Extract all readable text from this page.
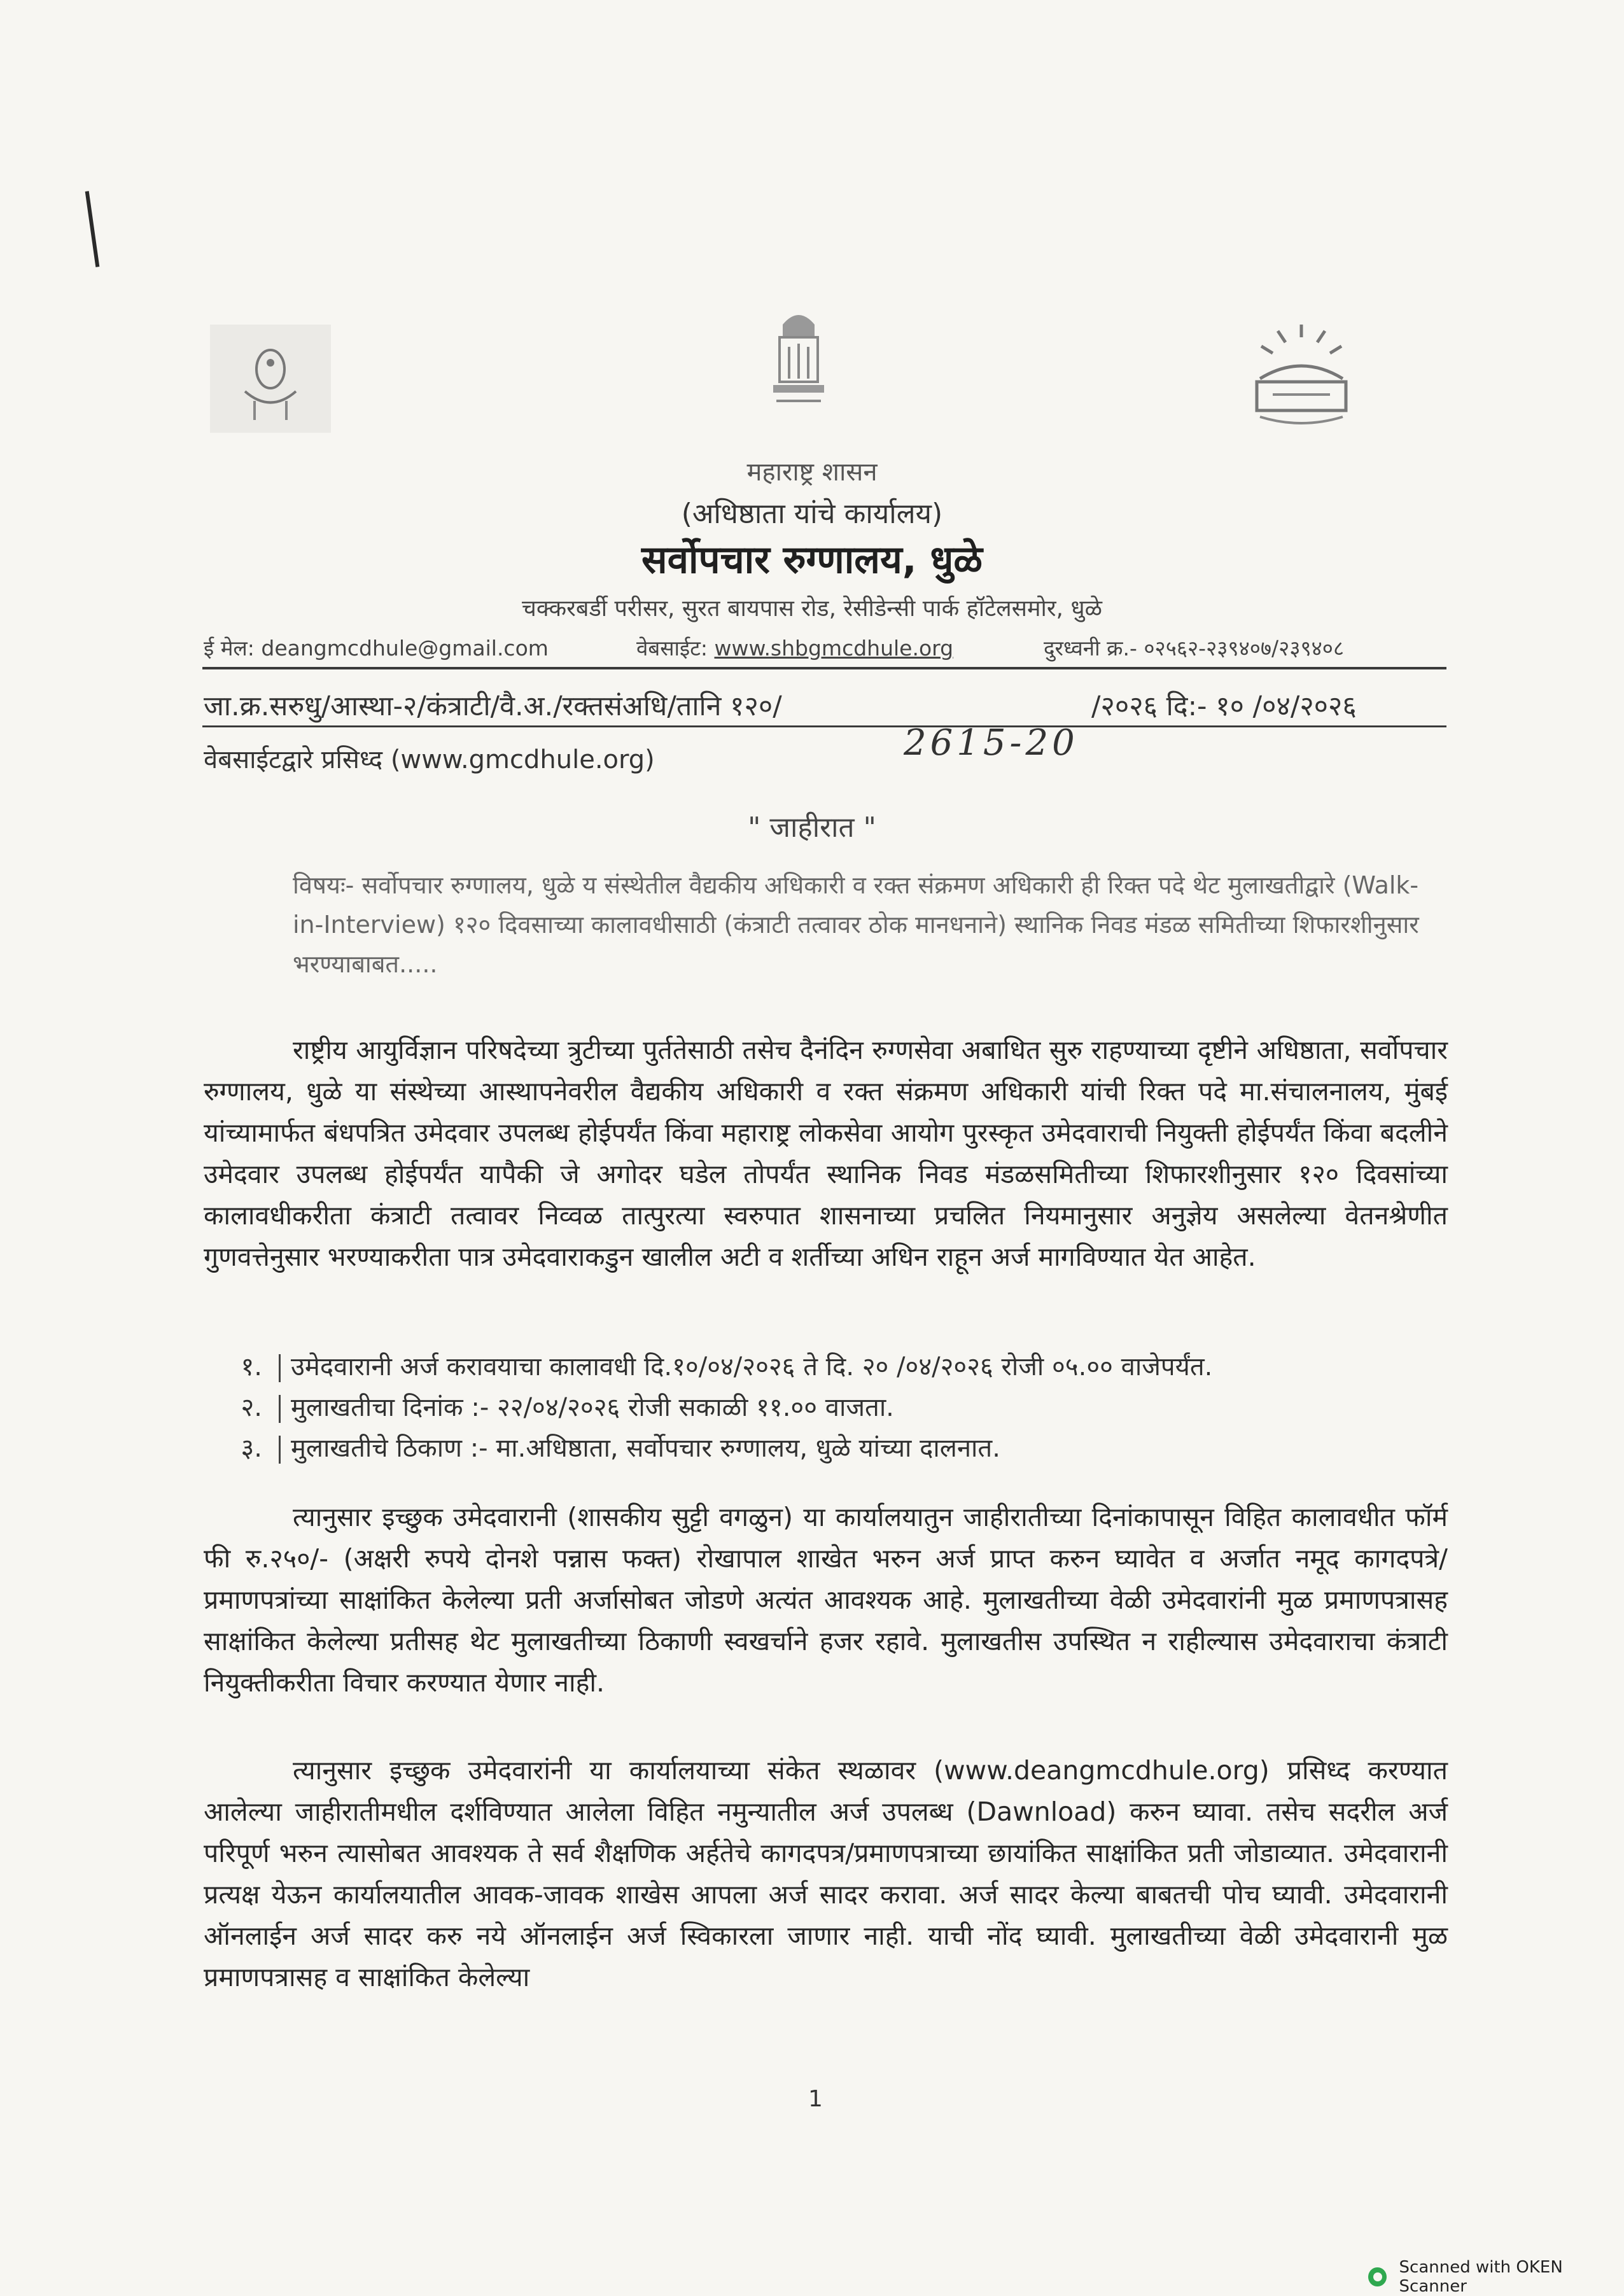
महाराष्ट्र शासन
(अधिष्ठाता यांचे कार्यालय)
सर्वोपचार रुग्णालय, धुळे
चक्करबर्डी परीसर, सुरत बायपास रोड, रेसीडेन्सी पार्क हॉटेलसमोर, धुळे
ई मेल: deangmcdhule@gmail.com	वेबसाईट: www.shbgmcdhule.org	दुरध्वनी क्र.- ०२५६२-२३९४०७/२३९४०८
जा.क्र.सरुधु/आस्था-२/कंत्राटी/वै.अ./रक्तसंअधि/तानि १२०/	/२०२६ दि:- १० /०४/२०२६
2615-20
वेबसाईटद्वारे प्रसिध्द (www.gmcdhule.org)
" जाहीरात "
विषयः- सर्वोपचार रुग्णालय, धुळे य संस्थेतील वैद्यकीय अधिकारी व रक्त संक्रमण अधिकारी ही रिक्त पदे थेट मुलाखतीद्वारे (Walk-in-Interview) १२० दिवसाच्या कालावधीसाठी (कंत्राटी तत्वावर ठोक मानधनाने) स्थानिक निवड मंडळ समितीच्या शिफारशीनुसार भरण्याबाबत.....
राष्ट्रीय आयुर्विज्ञान परिषदेच्या त्रुटीच्या पुर्ततेसाठी तसेच दैनंदिन रुग्णसेवा अबाधित सुरु राहण्याच्या दृष्टीने अधिष्ठाता, सर्वोपचार रुग्णालय, धुळे या संस्थेच्या आस्थापनेवरील वैद्यकीय अधिकारी व रक्त संक्रमण अधिकारी यांची रिक्त पदे मा.संचालनालय, मुंबई यांच्यामार्फत बंधपत्रित उमेदवार उपलब्ध होईपर्यंत किंवा महाराष्ट्र लोकसेवा आयोग पुरस्कृत उमेदवाराची नियुक्ती होईपर्यंत किंवा बदलीने उमेदवार उपलब्ध होईपर्यंत यापैकी जे अगोदर घडेल तोपर्यंत स्थानिक निवड मंडळसमितीच्या शिफारशीनुसार १२० दिवसांच्या कालावधीकरीता कंत्राटी तत्वावर निव्वळ तात्पुरत्या स्वरुपात शासनाच्या प्रचलित नियमानुसार अनुज्ञेय असलेल्या वेतनश्रेणीत गुणवत्तेनुसार भरण्याकरीता पात्र उमेदवाराकडुन खालील अटी व शर्तीच्या अधिन राहून अर्ज मागविण्यात येत आहेत.
१.	उमेदवारानी अर्ज करावयाचा कालावधी दि.१०/०४/२०२६ ते दि. २० /०४/२०२६ रोजी ०५.०० वाजेपर्यंत.
२.	मुलाखतीचा दिनांक :- २२/०४/२०२६ रोजी सकाळी ११.०० वाजता.
३.	मुलाखतीचे ठिकाण :- मा.अधिष्ठाता, सर्वोपचार रुग्णालय, धुळे यांच्या दालनात.
त्यानुसार इच्छुक उमेदवारानी (शासकीय सुट्टी वगळुन) या कार्यालयातुन जाहीरातीच्या दिनांकापासून विहित कालावधीत फॉर्म फी रु.२५०/- (अक्षरी रुपये दोनशे पन्नास फक्त) रोखापाल शाखेत भरुन अर्ज प्राप्त करुन घ्यावेत व अर्जात नमूद कागदपत्रे/प्रमाणपत्रांच्या साक्षांकित केलेल्या प्रती अर्जासोबत जोडणे अत्यंत आवश्यक आहे. मुलाखतीच्या वेळी उमेदवारांनी मुळ प्रमाणपत्रासह साक्षांकित केलेल्या प्रतीसह थेट मुलाखतीच्या ठिकाणी स्वखर्चाने हजर रहावे. मुलाखतीस उपस्थित न राहील्यास उमेदवाराचा कंत्राटी नियुक्तीकरीता विचार करण्यात येणार नाही.
त्यानुसार इच्छुक उमेदवारांनी या कार्यालयाच्या संकेत स्थळावर (www.deangmcdhule.org) प्रसिध्द करण्यात आलेल्या जाहीरातीमधील दर्शविण्यात आलेला विहित नमुन्यातील अर्ज उपलब्ध (Dawnload) करुन घ्यावा. तसेच सदरील अर्ज परिपूर्ण भरुन त्यासोबत आवश्यक ते सर्व शैक्षणिक अर्हतेचे कागदपत्र/प्रमाणपत्राच्या छायांकित साक्षांकित प्रती जोडाव्यात. उमेदवारानी प्रत्यक्ष येऊन कार्यालयातील आवक-जावक शाखेस आपला अर्ज सादर करावा. अर्ज सादर केल्या बाबतची पोच घ्यावी. उमेदवारानी ऑनलाईन अर्ज सादर करु नये ऑनलाईन अर्ज स्विकारला जाणार नाही. याची नोंद घ्यावी. मुलाखतीच्या वेळी उमेदवारानी मुळ प्रमाणपत्रासह व साक्षांकित केलेल्या
1
Scanned with OKEN Scanner
